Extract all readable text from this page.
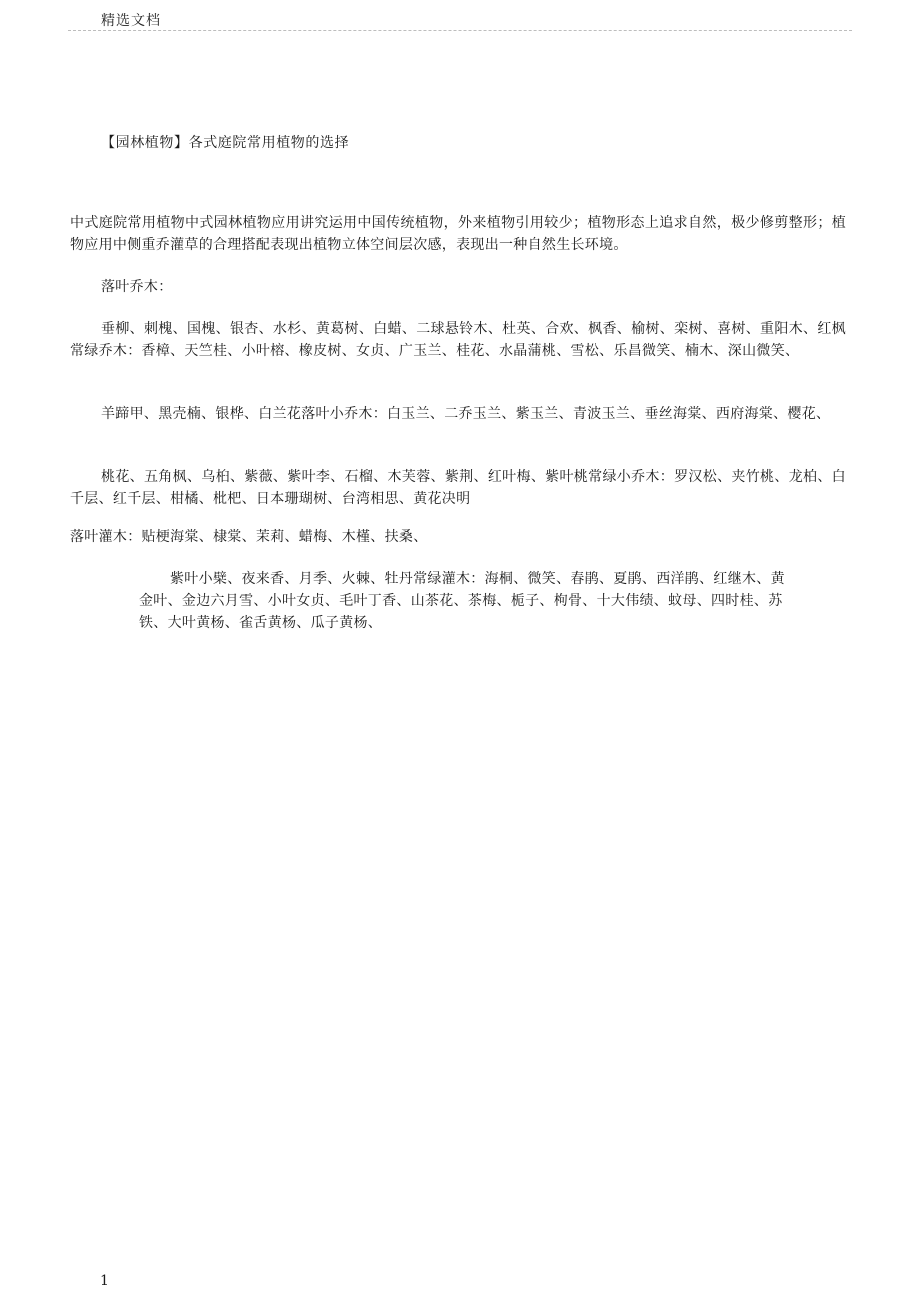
精选文档
【园林植物】各式庭院常用植物的选择

中式庭院常用植物中式园林植物应用讲究运用中国传统植物，外来植物引用较少；植物形态上追求自然，极少修剪整形；植物应用中侧重乔灌草的合理搭配表现出植物立体空间层次感，表现出一种自然生长环境。

落叶乔木：

垂柳、刺槐、国槐、银杏、水杉、黄葛树、白蜡、二球悬铃木、杜英、合欢、枫香、榆树、栾树、喜树、重阳木、红枫常绿乔木：香樟、天竺桂、小叶榕、橡皮树、女贞、广玉兰、桂花、水晶蒲桃、雪松、乐昌微笑、楠木、深山微笑、

羊蹄甲、黑壳楠、银桦、白兰花落叶小乔木：白玉兰、二乔玉兰、紫玉兰、青波玉兰、垂丝海棠、西府海棠、樱花、

桃花、五角枫、乌桕、紫薇、紫叶李、石榴、木芙蓉、紫荆、红叶梅、紫叶桃常绿小乔木：罗汉松、夹竹桃、龙柏、白千层、红千层、柑橘、枇杷、日本珊瑚树、台湾相思、黄花决明

落叶灌木：贴梗海棠、棣棠、茉莉、蜡梅、木槿、扶桑、

紫叶小檗、夜来香、月季、火棘、牡丹常绿灌木：海桐、微笑、春鹃、夏鹃、西洋鹃、红继木、黄金叶、金边六月雪、小叶女贞、毛叶丁香、山茶花、茶梅、栀子、枸骨、十大伟绩、蚊母、四时桂、苏铁、大叶黄杨、雀舌黄杨、瓜子黄杨、

1
